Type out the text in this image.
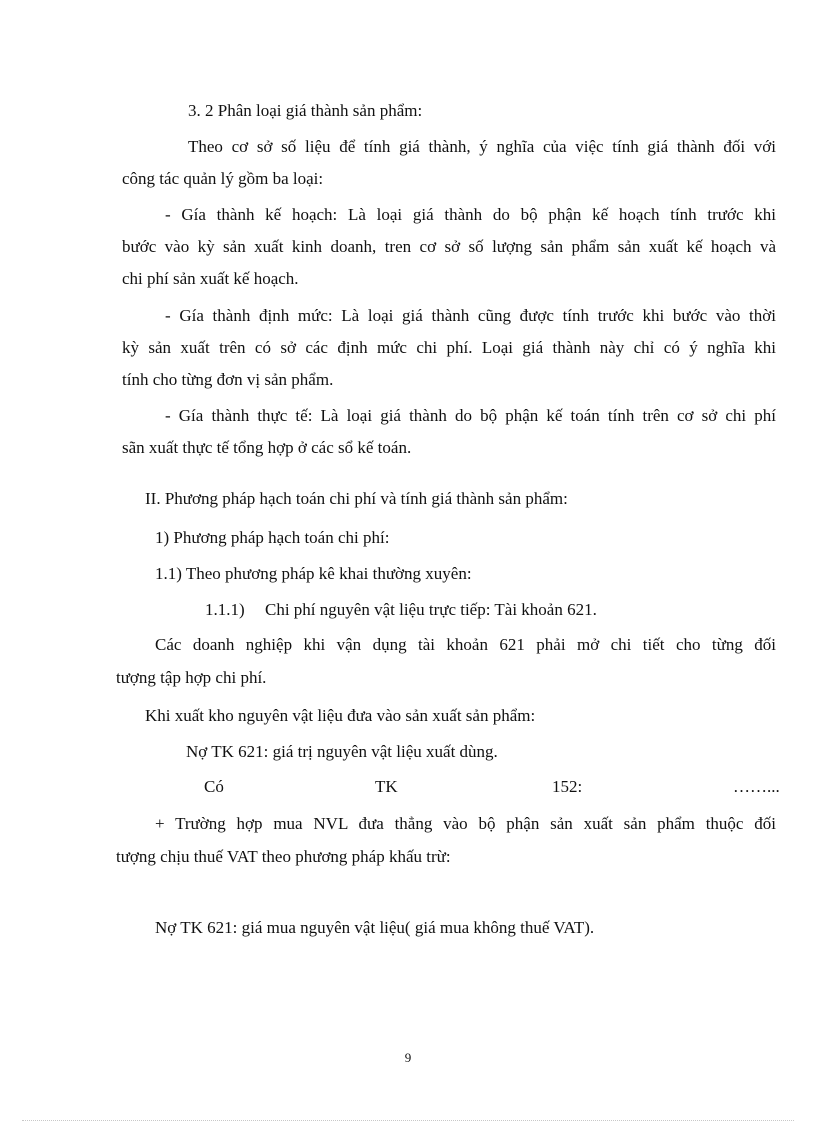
3. 2 Phân loại giá thành sản phẩm:
Theo cơ sở số liệu để tính giá thành, ý nghĩa của việc tính giá thành đối với
công tác quản lý gồm ba loại:
- Gía thành kế hoạch: Là loại giá thành do bộ phận kế hoạch tính trước khi
bước vào kỳ sản xuất kinh doanh, tren cơ sở số lượng sản phẩm sản xuất kế hoạch và
chi phí sản xuất kế hoạch.
- Gía thành định mức: Là loại giá thành cũng được tính trước khi bước vào thời
kỳ sản xuất trên có sở các định mức chi phí. Loại giá thành này chỉ có ý nghĩa khi
tính cho từng đơn vị sản phẩm.
- Gía thành thực tế: Là loại giá thành do bộ phận kế toán tính trên cơ sở chi phí
sãn xuất thực tế tổng hợp ở các sổ kế toán.
II. Phương pháp hạch toán chi phí và tính giá thành sản phẩm:
1) Phương pháp hạch toán chi phí:
1.1) Theo phương pháp kê khai thường xuyên:
1.1.1) Chi phí nguyên vật liệu trực tiếp: Tài khoản 621.
Các doanh nghiệp khi vận dụng tài khoản 621 phải mở chi tiết cho từng đối
tượng tập hợp chi phí.
Khi xuất kho nguyên vật liệu đưa vào sản xuất sản phẩm:
Nợ TK 621: giá trị nguyên vật liệu xuất dùng.
Có	TK	152:	……...
+ Trường hợp mua NVL đưa thẳng vào bộ phận sản xuất sản phẩm thuộc đối
tượng chịu thuế VAT theo phương pháp khấu trừ:
Nợ TK 621: giá mua nguyên vật liệu( giá mua không thuế VAT).
9
